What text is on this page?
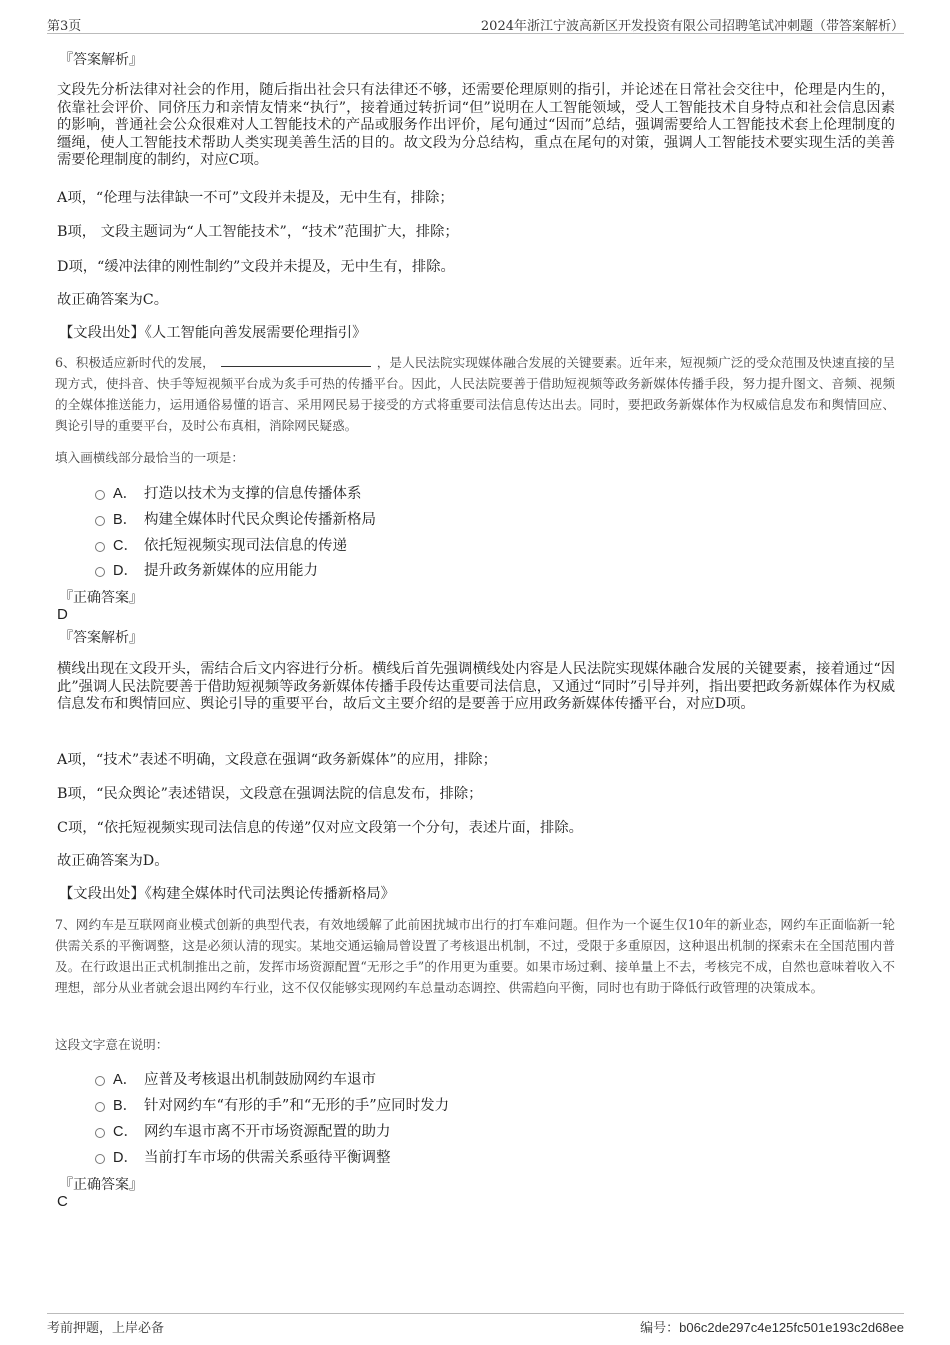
第3页	2024年浙江宁波高新区开发投资有限公司招聘笔试冲刺题（带答案解析）
『答案解析』

文段先分析法律对社会的作用，随后指出社会只有法律还不够，还需要伦理原则的指引，并论述在日常社会交往中，伦理是内生的，依靠社会评价、同侪压力和亲情友情来“执行”，接着通过转折词“但”说明在人工智能领域，受人工智能技术自身特点和社会信息因素的影响，普通社会公众很难对人工智能技术的产品或服务作出评价，尾句通过“因而”总结，强调需要给人工智能技术套上伦理制度的缰绳，使人工智能技术帮助人类实现美善生活的目的。故文段为分总结构，重点在尾句的对策，强调人工智能技术要实现生活的美善需要伦理制度的制约，对应C项。

A项，“伦理与法律缺一不可”文段并未提及，无中生有，排除；
B项， 文段主题词为“人工智能技术”，“技术”范围扩大，排除；
D项，“缓冲法律的刚性制约”文段并未提及，无中生有，排除。
故正确答案为C。
【文段出处】《人工智能向善发展需要伦理指引》

6、积极适应新时代的发展，	，是人民法院实现媒体融合发展的关键要素。近年来，短视频广泛的受众范围及快速直接的呈现方式，使抖音、快手等短视频平台成为炙手可热的传播平台。因此，人民法院要善于借助短视频等政务新媒体传播手段，努力提升图文、音频、视频的全媒体推送能力，运用通俗易懂的语言、采用网民易于接受的方式将重要司法信息传达出去。同时，要把政务新媒体作为权威信息发布和舆情回应、舆论引导的重要平台，及时公布真相，消除网民疑惑。

填入画横线部分最恰当的一项是：
A． 打造以技术为支撑的信息传播体系
B． 构建全媒体时代民众舆论传播新格局
C． 依托短视频实现司法信息的传递
D． 提升政务新媒体的应用能力
『正确答案』
D
『答案解析』

横线出现在文段开头，需结合后文内容进行分析。横线后首先强调横线处内容是人民法院实现媒体融合发展的关键要素，接着通过“因此”强调人民法院要善于借助短视频等政务新媒体传播手段传达重要司法信息，又通过“同时”引导并列，指出要把政务新媒体作为权威信息发布和舆情回应、舆论引导的重要平台，故后文主要介绍的是要善于应用政务新媒体传播平台，对应D项。

A项，“技术”表述不明确，文段意在强调“政务新媒体”的应用，排除；
B项，“民众舆论”表述错误，文段意在强调法院的信息发布，排除；
C项，“依托短视频实现司法信息的传递”仅对应文段第一个分句，表述片面，排除。
故正确答案为D。
【文段出处】《构建全媒体时代司法舆论传播新格局》

7、网约车是互联网商业模式创新的典型代表，有效地缓解了此前困扰城市出行的打车难问题。但作为一个诞生仅10年的新业态，网约车正面临新一轮供需关系的平衡调整，这是必须认清的现实。某地交通运输局曾设置了考核退出机制，不过，受限于多重原因，这种退出机制的探索未在全国范围内普及。在行政退出正式机制推出之前，发挥市场资源配置“无形之手”的作用更为重要。如果市场过剩、接单量上不去，考核完不成，自然也意味着收入不理想，部分从业者就会退出网约车行业，这不仅仅能够实现网约车总量动态调控、供需趋向平衡，同时也有助于降低行政管理的决策成本。

这段文字意在说明：
A． 应普及考核退出机制鼓励网约车退市
B． 针对网约车“有形的手”和“无形的手”应同时发力
C． 网约车退市离不开市场资源配置的助力
D． 当前打车市场的供需关系亟待平衡调整
『正确答案』
C
考前押题，上岸必备	编号：b06c2de297c4e125fc501e193c2d68ee
